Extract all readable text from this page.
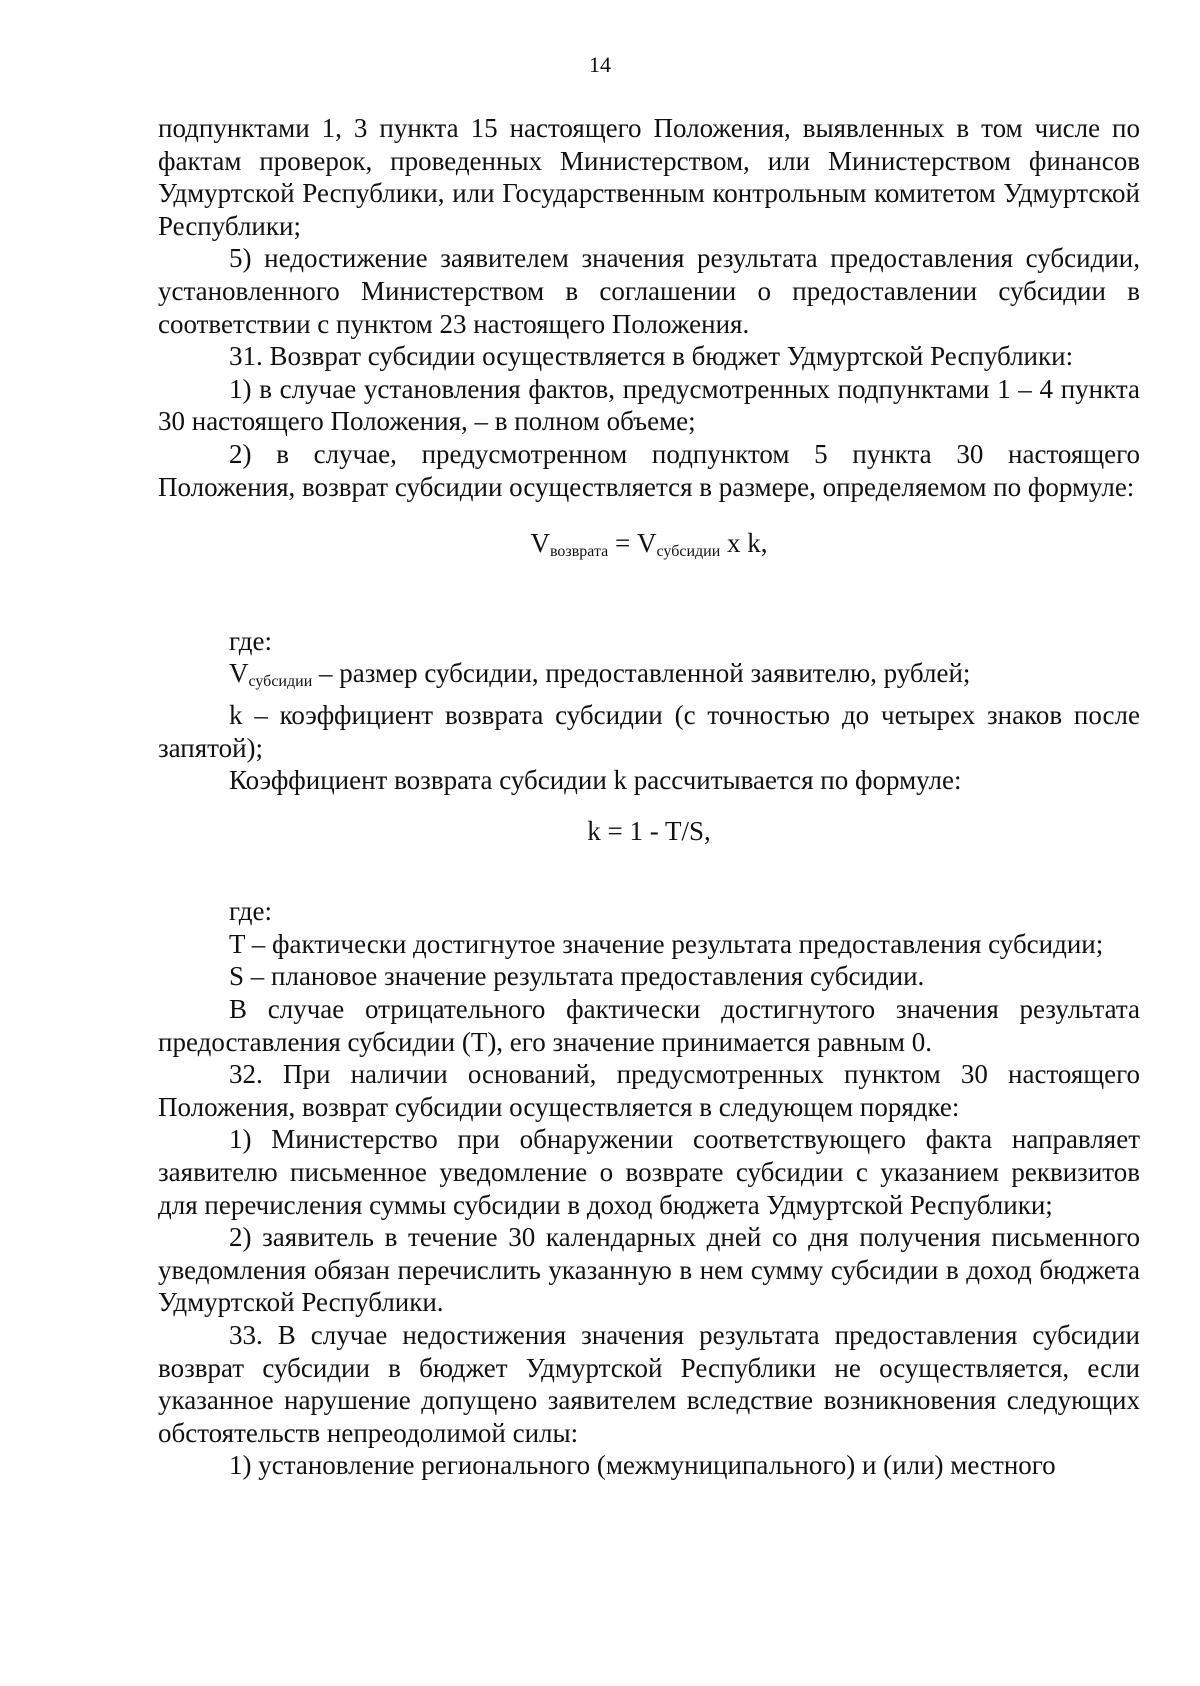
14

подпунктами 1, 3 пункта 15 настоящего Положения, выявленных в том числе по фактам проверок, проведенных Министерством, или Министерством финансов Удмуртской Республики, или Государственным контрольным комитетом Удмуртской Республики;

5) недостижение заявителем значения результата предоставления субсидии, установленного Министерством в соглашении о предоставлении субсидии в соответствии с пунктом 23 настоящего Положения.

31. Возврат субсидии осуществляется в бюджет Удмуртской Республики:

1) в случае установления фактов, предусмотренных подпунктами 1 – 4 пункта 30 настоящего Положения, – в полном объеме;

2) в случае, предусмотренном подпунктом 5 пункта 30 настоящего Положения, возврат субсидии осуществляется в размере, определяемом по формуле:

$V_{возврата} = V_{субсидии}$ x k,

где:

$V_{субсидии}$ – размер субсидии, предоставленной заявителю, рублей;

k – коэффициент возврата субсидии (с точностью до четырех знаков после запятой);

Коэффициент возврата субсидии k рассчитывается по формуле:

k = 1 - T/S,

где:

T – фактически достигнутое значение результата предоставления субсидии;

S – плановое значение результата предоставления субсидии.

В случае отрицательного фактически достигнутого значения результата предоставления субсидии (T), его значение принимается равным 0.

32. При наличии оснований, предусмотренных пунктом 30 настоящего Положения, возврат субсидии осуществляется в следующем порядке:

1) Министерство при обнаружении соответствующего факта направляет заявителю письменное уведомление о возврате субсидии с указанием реквизитов для перечисления суммы субсидии в доход бюджета Удмуртской Республики;

2) заявитель в течение 30 календарных дней со дня получения письменного уведомления обязан перечислить указанную в нем сумму субсидии в доход бюджета Удмуртской Республики.

33. В случае недостижения значения результата предоставления субсидии возврат субсидии в бюджет Удмуртской Республики не осуществляется, если указанное нарушение допущено заявителем вследствие возникновения следующих обстоятельств непреодолимой силы:

1) установление регионального (межмуниципального) и (или) местного
